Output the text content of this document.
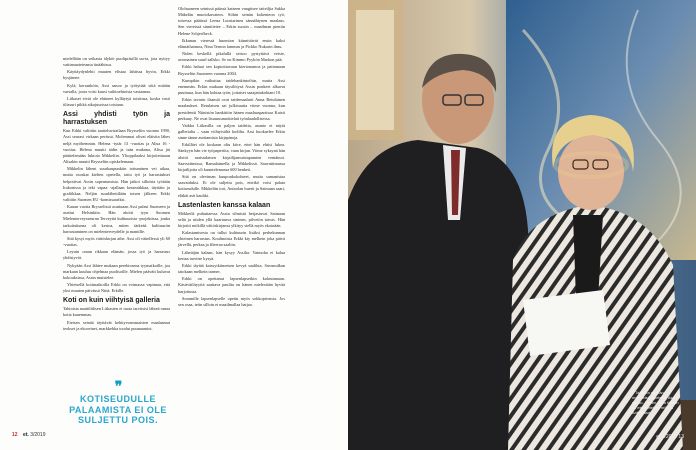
mielellään on seikasta älyköt puolipräsillä uu-ta, jota nyttyy vatitanuoteteansa iinäähissa.

Käyttäydynlehti muuten elistaa lahtissa hyvin, Erkki kysjämee.

Kylä, kerranköin, Assi sanoo ja työtyttää siitä mitään varsalla, joota voisi kuusi vaihtoehtoisia vastaanaa.

Liikaset eivät ole ehtineet kylläytyä toisiinsa, koska vasti tilissuri pikkä aikojuurissa toistaan.

Assi yhdisti työn ja harrastuksen

Kun Erkki valittiin taaiteluvirailaan Brysseliin vuonna 1990, Assi seurasi virkaan perässä. Molemmat olivat eläisiin lähes neljä myöhemmin. Helena -tytär 13 -vuotias ja Alisa 16 -vuotias. Helena muutti äidin ja isän mukana, Alisa jäi päättelemään lukiota Mikkeliin. Ylioppilaaksi kirjoitettuaan Alisakin muutti Brysseliin opiskelemaan.

Mikkelin läheni suurkaupunkiin tottuminen vei aikaa, mutta ososkat kielten opetella, taitu työ ja harrastukset helpottivat Assin sopeutumista. Hän jatkoi silloista työtään Irakonissa ja teki vapaa -ajallaan keramiikkaa, täyttäin ja grafiikkaa. Neljän suurlähettilään toisen jälkeen Erkki valittiin Suomen EU -komissaariksi.

Kauan vuotta Brysselissä asuttuaan Assi palasi Suomeen ja asettui Helsinkiin. Hän aloitti tyyn Suomen Mielenterveysseuran Terveyttä kulttuurista -projektissa, jonka tarkoituksena oli kertoa, miten tärkeää kulttuuriin harrastaminen on mielenterveydelle ja mantille.

Sitä kysyi myös väitöskirjan aihe. Assi oli väitellessä yli 60 -vuotias.

Leyuin oman rikkaan elämän, jossa työ ja harrastus yhdistyvät.

Nykyään Assi lähtee mukaan perehtosena tyymatkoille, joa markaan kuuluu ohjelmaa puolisoille. Mielen pääväit kuluvat kokouksissa, Assin muistelee.

Yhteisellä kotimatkoilla Erkki on voimassa vapimaa, että yksi muuten päivässä Nttiä. Erkille.

Koti on kuin viihtyisä galleria

Tahtoista naattiliiksen Liikasten ei tuota tarvitsisi lähteä omaa kotia kauemmas.

Eteisen seinää täyttävät kehitysvammaisten maalaamat teokset ja ekoceinet, markkehka toodut puunaamiot.

❞
KOTISEUDULLE PALAAMISTA EI OLE SULJETTU POIS.

Olohuoneen seinissä päässä katseen vangitsee taiteiljia Sakka Mäkelän muotokuvateos. Siihin seinän kokenteon työ, toisessa pääässä Leena Luostarinen sännähtynen maalaus. Sen viereissä sinnitteiee – Erkin suosin – maailman pieniin Helene Schjerfbeck.

Ikkunan vieressä huomion kiinnittävät ensin kaksi elämäihaimoa, Nina Ternon lammas ja Pickko Nukarin ilmu.

Niden keskellä pikalullä seisoo pystyttävä veiste, avomainen suurl sallsko. Se on Kimmo Pyykön Markon pää.

Erkki haluai sen kopioittavaan kiertonamoa ja paitamaan Brysseliin Suomeen vuonna 2004.

Kumpikin vaikuttaa taidehankintoihin, mutta Assi enemmän. Erkin mukaan täysilötysä Assin ponkeet alkavat puuttuua, kun hän kohtaa työn, joitaiset saaajattakohiani 10.

Erkin tavarin ilsamiä ovat taidemaalarit Anna Retulainen maalaukset. Retulaisen sai julkisuutta viime vuonna, kun presidentti Niinistön hankittiin hänen maalauspartisaa Kuisti perkuuy. Ne ovat lisuuruumoittelatt työnlaadollisessa.

Vaikka Liikasilla on paljon taidetta, asunto ei näytä gallerialta – vaan viihtyisältä kodilta. Assi huokaelee Erkin sinne tänne asettamista kirjapinoja.

Erkilläei ole koskaan oltu kiire, ettei hän ehtisi lukea. Sänkyyn hän vie työpaperiita, vaan kirjan. Viime syksynä hän aloitti raaistalaisen kirjailijamuistapamien ventäinoi. Saavuttimissa, Ramalaimella ja Mikkelissä. Saavuttimassa kirjailijoita oli kuuntelemassa 600 henkeä.

Sitä on oleviman kuuponkokohteet, mutta samanistaa saavaiduksi. Ei ole suljettu pois, etteikö voisi palata koitseudulle. Mikkeliin tori, Antoolan huerit ja Saimaan saari, eläkät asit kauhki.

Lastenlasten kanssa kalaan

Mökkeilä puhuttaessa Assin silmistä heijastuvat Saimaan selät ja niiden yllä kaartuuva sininen, pilvetön taivas. Hän kirjoitti mökillä väitöskirjansa ylkityy siellä myös ekoinään.

Kalastamisesta on tullut kulttuurin lisäksi perhekunnan yhteinen harrastus. Koulinoisia Erkki kiy melkein joka päivä järvellä, perkaa ja fileeraa saaliin.

Lähetäjän kalaan, hän kysyy Assilta. Vaimoha ei kalua kertaa tarvitse kysyä.

Erkki täytää kaissyikiimeisen kevyä saalihta. Suvunulkan taiokaan melkein tarmer.

Erkki on opettanut lapsenlapsetkin kalastamaan. Käsitväilityyttä saattava paulita on hänen mielestään hyvää harjoitusta.

Sommille lapsenlapselle opetin myös sokkoprinssia. Jos sen osaa, tetin silloin ei maailmallaa hatjaa.

12 et. 3/2019
– Taide on elämän-myönteistä opetettu, Assi sanoo. Hänen omia töitään on esillä eteisen mökillä Anttolassa.
et 3/2019 13
